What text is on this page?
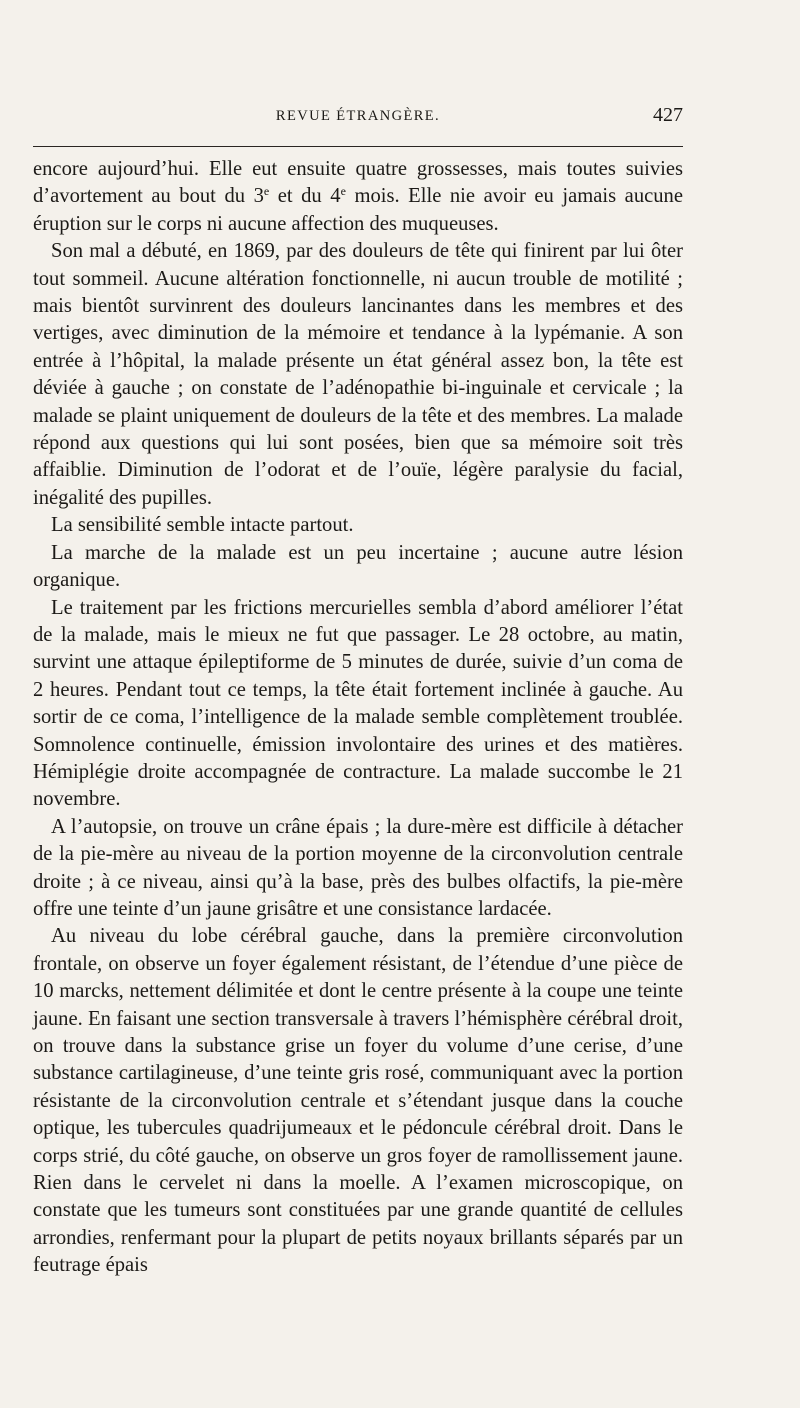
REVUE ÉTRANGÈRE.	427

encore aujourd’hui. Elle eut ensuite quatre grossesses, mais toutes suivies d’avortement au bout du 3e et du 4e mois. Elle nie avoir eu jamais aucune éruption sur le corps ni aucune affection des muqueuses.

Son mal a débuté, en 1869, par des douleurs de tête qui finirent par lui ôter tout sommeil. Aucune altération fonctionnelle, ni aucun trouble de motilité ; mais bientôt survinrent des douleurs lancinantes dans les membres et des vertiges, avec diminution de la mémoire et tendance à la lypémanie. A son entrée à l’hôpital, la malade présente un état général assez bon, la tête est déviée à gauche ; on constate de l’adénopathie bi-inguinale et cervicale ; la malade se plaint uniquement de douleurs de la tête et des membres. La malade répond aux questions qui lui sont posées, bien que sa mémoire soit très affaiblie. Diminution de l’odorat et de l’ouïe, légère paralysie du facial, inégalité des pupilles.

La sensibilité semble intacte partout.

La marche de la malade est un peu incertaine ; aucune autre lésion organique.

Le traitement par les frictions mercurielles sembla d’abord améliorer l’état de la malade, mais le mieux ne fut que passager. Le 28 octobre, au matin, survint une attaque épileptiforme de 5 minutes de durée, suivie d’un coma de 2 heures. Pendant tout ce temps, la tête était fortement inclinée à gauche. Au sortir de ce coma, l’intelligence de la malade semble complètement troublée. Somnolence continuelle, émission involontaire des urines et des matières. Hémiplégie droite accompagnée de contracture. La malade succombe le 21 novembre.

A l’autopsie, on trouve un crâne épais ; la dure-mère est difficile à détacher de la pie-mère au niveau de la portion moyenne de la circonvolution centrale droite ; à ce niveau, ainsi qu’à la base, près des bulbes olfactifs, la pie-mère offre une teinte d’un jaune grisâtre et une consistance lardacée.

Au niveau du lobe cérébral gauche, dans la première circonvolution frontale, on observe un foyer également résistant, de l’étendue d’une pièce de 10 marcks, nettement délimitée et dont le centre présente à la coupe une teinte jaune. En faisant une section transversale à travers l’hémisphère cérébral droit, on trouve dans la substance grise un foyer du volume d’une cerise, d’une substance cartilagineuse, d’une teinte gris rosé, communiquant avec la portion résistante de la circonvolution centrale et s’étendant jusque dans la couche optique, les tubercules quadrijumeaux et le pédoncule cérébral droit. Dans le corps strié, du côté gauche, on observe un gros foyer de ramollissement jaune. Rien dans le cervelet ni dans la moelle. A l’examen microscopique, on constate que les tumeurs sont constituées par une grande quantité de cellules arrondies, renfermant pour la plupart de petits noyaux brillants séparés par un feutrage épais
